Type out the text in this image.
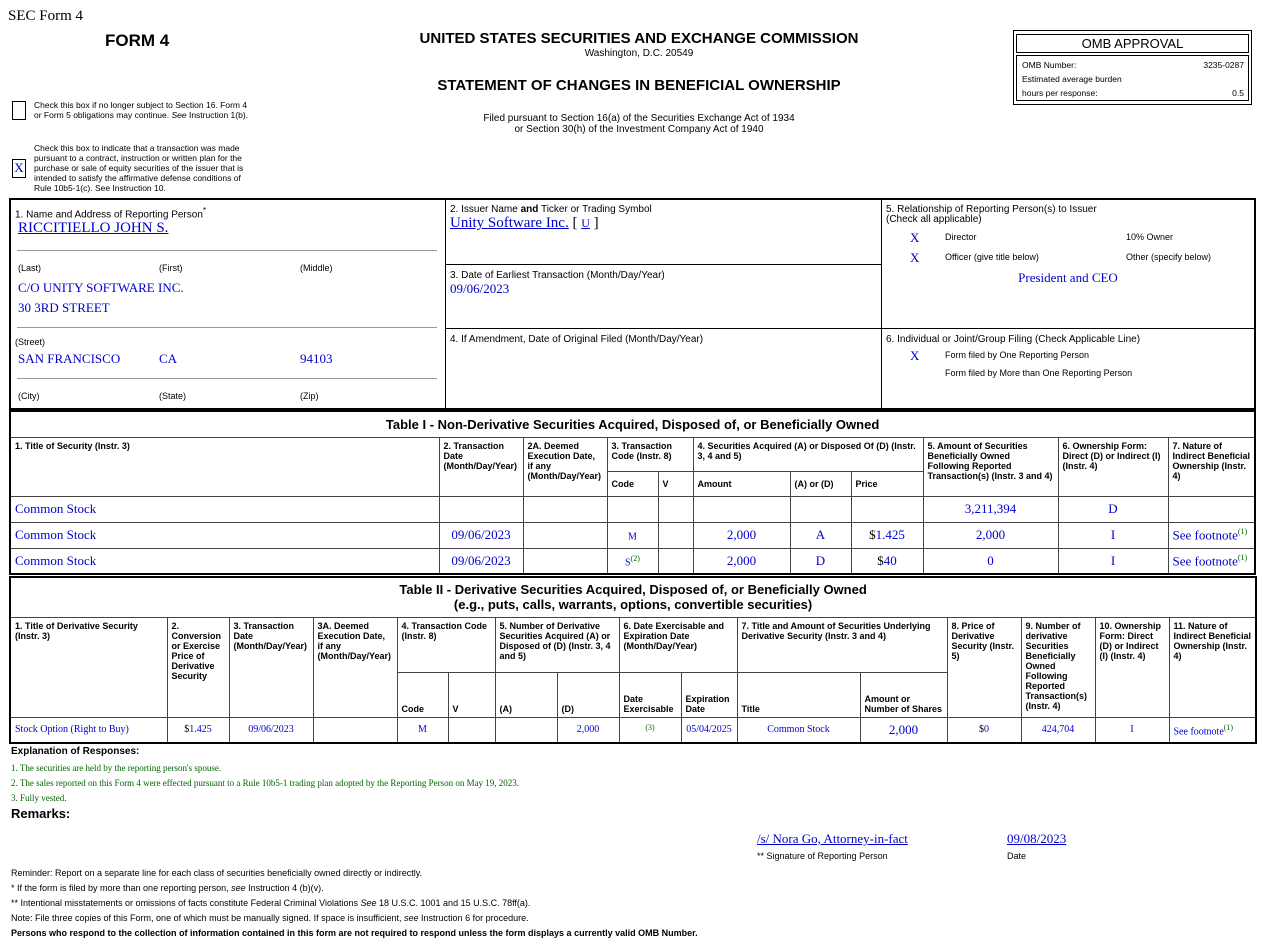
SEC Form 4
FORM 4	UNITED STATES SECURITIES AND EXCHANGE COMMISSION
Washington, D.C. 20549
STATEMENT OF CHANGES IN BENEFICIAL OWNERSHIP
Filed pursuant to Section 16(a) of the Securities Exchange Act of 1934
or Section 30(h) of the Investment Company Act of 1940
Check this box if no longer subject to Section 16. Form 4
or Form 5 obligations may continue. See Instruction 1(b).
X
Check this box to indicate that a transaction was made
pursuant to a contract, instruction or written plan for the
purchase or sale of equity securities of the issuer that is
intended to satisfy the affirmative defense conditions of
Rule 10b5-1(c). See Instruction 10.
OMB APPROVAL
OMB Number:	3235-0287
Estimated average burden
hours per response:	0.5
1. Name and Address of Reporting Person*
RICCITIELLO JOHN S.
(Last)	(First)	(Middle)
C/O UNITY SOFTWARE INC.
30 3RD STREET
(Street)
SAN FRANCISCO	CA	94103
(City)	(State)	(Zip)
2. Issuer Name and Ticker or Trading Symbol
Unity Software Inc. [ U ]
3. Date of Earliest Transaction (Month/Day/Year)
09/06/2023
4. If Amendment, Date of Original Filed (Month/Day/Year)
5. Relationship of Reporting Person(s) to Issuer
(Check all applicable)
X	Director	10% Owner
X	Officer (give title below)	Other (specify below)
President and CEO
6. Individual or Joint/Group Filing (Check Applicable Line)
X	Form filed by One Reporting Person
Form filed by More than One Reporting Person
Table I - Non-Derivative Securities Acquired, Disposed of, or Beneficially Owned										
1. Title of Security (Instr. 3)	2. Transaction Date (Month/Day/Year)	2A. Deemed Execution Date, if any (Month/Day/Year)	3. Transaction Code (Instr. 8)		4. Securities Acquired (A) or Disposed Of (D) (Instr. 3, 4 and 5)			5. Amount of Securities Beneficially Owned Following Reported Transaction(s) (Instr. 3 and 4)	6. Ownership Form: Direct (D) or Indirect (I) (Instr. 4)	7. Nature of Indirect Beneficial Ownership (Instr. 4)
			Code	V	Amount	(A) or (D)	Price			
Common Stock								3,211,394	D	
Common Stock	09/06/2023		M		2,000	A	$1.425	2,000	I	See footnote$^{(1)}$
Common Stock	09/06/2023		$S^{(2)}$		2,000	D	$40	0	I	See footnote$^{(1)}$
Table II - Derivative Securities Acquired, Disposed of, or Beneficially Owned
(e.g., puts, calls, warrants, options, convertible securities)															

1. Title of Derivative Security (Instr. 3)	2. Conversion or Exercise Price of Derivative Security	3. Transaction Date (Month/Day/Year)	3A. Deemed Execution Date, if any (Month/Day/Year)	4. Transaction Code (Instr. 8)		5. Number of Derivative Securities Acquired (A) or Disposed of (D) (Instr. 3, 4 and 5)		6. Date Exercisable and Expiration Date (Month/Day/Year)		7. Title and Amount of Securities Underlying Derivative Security (Instr. 3 and 4)		8. Price of Derivative Security (Instr. 5)	9. Number of derivative Securities Beneficially Owned Following Reported Transaction(s) (Instr. 4)	10. Ownership Form: Direct (D) or Indirect (I) (Instr. 4)	11. Nature of Indirect Beneficial Ownership (Instr. 4)
				Code	V	(A)	(D)	Date Exercisable	Expiration Date	Title	Amount or Number of Shares				
Stock Option (Right to Buy)	$1.425	09/06/2023		M			2,000	$^{(3)}$	05/04/2025	Common Stock	2,000	$0	424,704	I	See footnote$^{(1)}$
Explanation of Responses:
1. The securities are held by the reporting person's spouse.
2. The sales reported on this Form 4 were effected pursuant to a Rule 10b5-1 trading plan adopted by the Reporting Person on May 19, 2023.
3. Fully vested.
Remarks:
/s/ Nora Go, Attorney-in-fact	09/08/2023
** Signature of Reporting Person	Date
Reminder: Report on a separate line for each class of securities beneficially owned directly or indirectly.
* If the form is filed by more than one reporting person, see Instruction 4 (b)(v).
** Intentional misstatements or omissions of facts constitute Federal Criminal Violations See 18 U.S.C. 1001 and 15 U.S.C. 78ff(a).
Note: File three copies of this Form, one of which must be manually signed. If space is insufficient, see Instruction 6 for procedure.
Persons who respond to the collection of information contained in this form are not required to respond unless the form displays a currently valid OMB Number.
